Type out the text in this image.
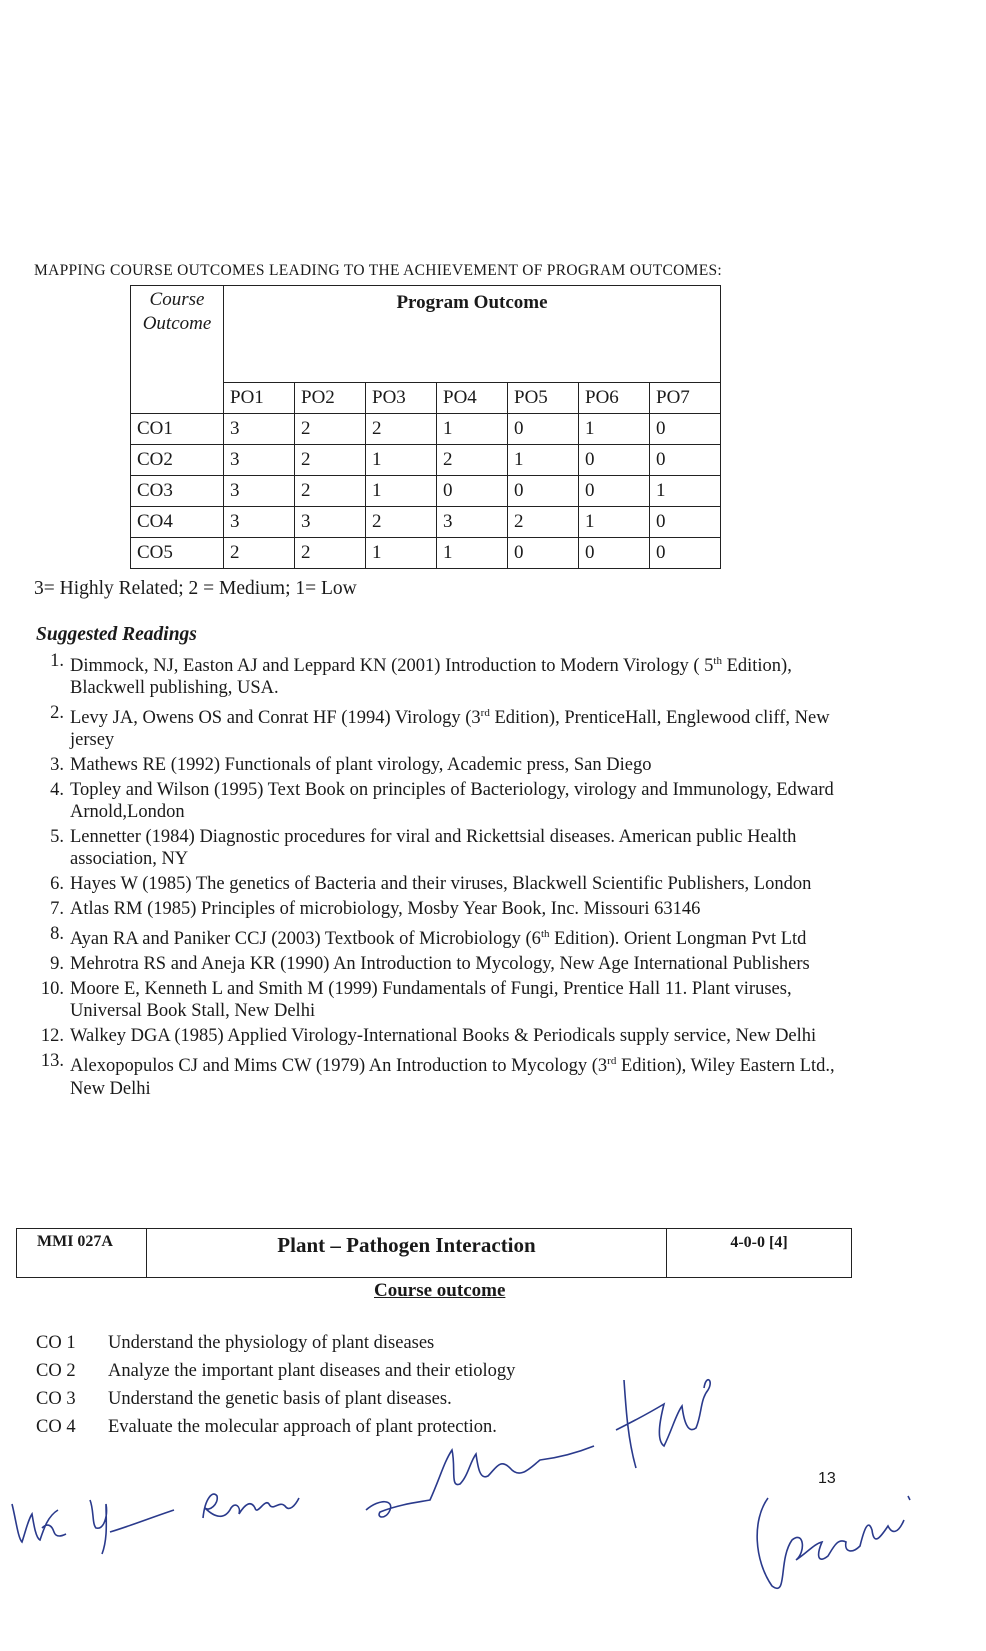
MAPPING COURSE OUTCOMES LEADING TO THE ACHIEVEMENT OF PROGRAM OUTCOMES:
Course
Outcome	Program Outcome						
	PO1	PO2	PO3	PO4	PO5	PO6	PO7
CO1	3	2	2	1	0	1	0
CO2	3	2	1	2	1	0	0
CO3	3	2	1	0	0	0	1
CO4	3	3	2	3	2	1	0
CO5	2	2	1	1	0	0	0
3= Highly Related; 2 = Medium; 1= Low
Suggested Readings
1. Dimmock, NJ, Easton AJ and Leppard KN (2001) Introduction to Modern Virology ( 5th Edition), Blackwell publishing, USA.
2. Levy JA, Owens OS and Conrat HF (1994) Virology (3rd Edition), PrenticeHall, Englewood cliff, New jersey
3. Mathews RE (1992) Functionals of plant virology, Academic press, San Diego
4. Topley and Wilson (1995) Text Book on principles of Bacteriology, virology and Immunology, Edward Arnold,London
5. Lennetter (1984) Diagnostic procedures for viral and Rickettsial diseases. American public Health association, NY
6. Hayes W (1985) The genetics of Bacteria and their viruses, Blackwell Scientific Publishers, London
7. Atlas RM (1985) Principles of microbiology, Mosby Year Book, Inc. Missouri 63146
8. Ayan RA and Paniker CCJ (2003) Textbook of Microbiology (6th Edition). Orient Longman Pvt Ltd
9. Mehrotra RS and Aneja KR (1990) An Introduction to Mycology, New Age International Publishers
10. Moore E, Kenneth L and Smith M (1999) Fundamentals of Fungi, Prentice Hall 11. Plant viruses, Universal Book Stall, New Delhi
12. Walkey DGA (1985) Applied Virology-International Books & Periodicals supply service, New Delhi
13. Alexopopulos CJ and Mims CW (1979) An Introduction to Mycology (3rd Edition), Wiley Eastern Ltd., New Delhi
MMI 027A	Plant – Pathogen Interaction	4-0-0 [4]
Course outcome
CO 1	Understand the physiology of plant diseases
CO 2	Analyze the important plant diseases and their etiology
CO 3	Understand the genetic basis of plant diseases.
CO 4	Evaluate the molecular approach of plant protection.
13
